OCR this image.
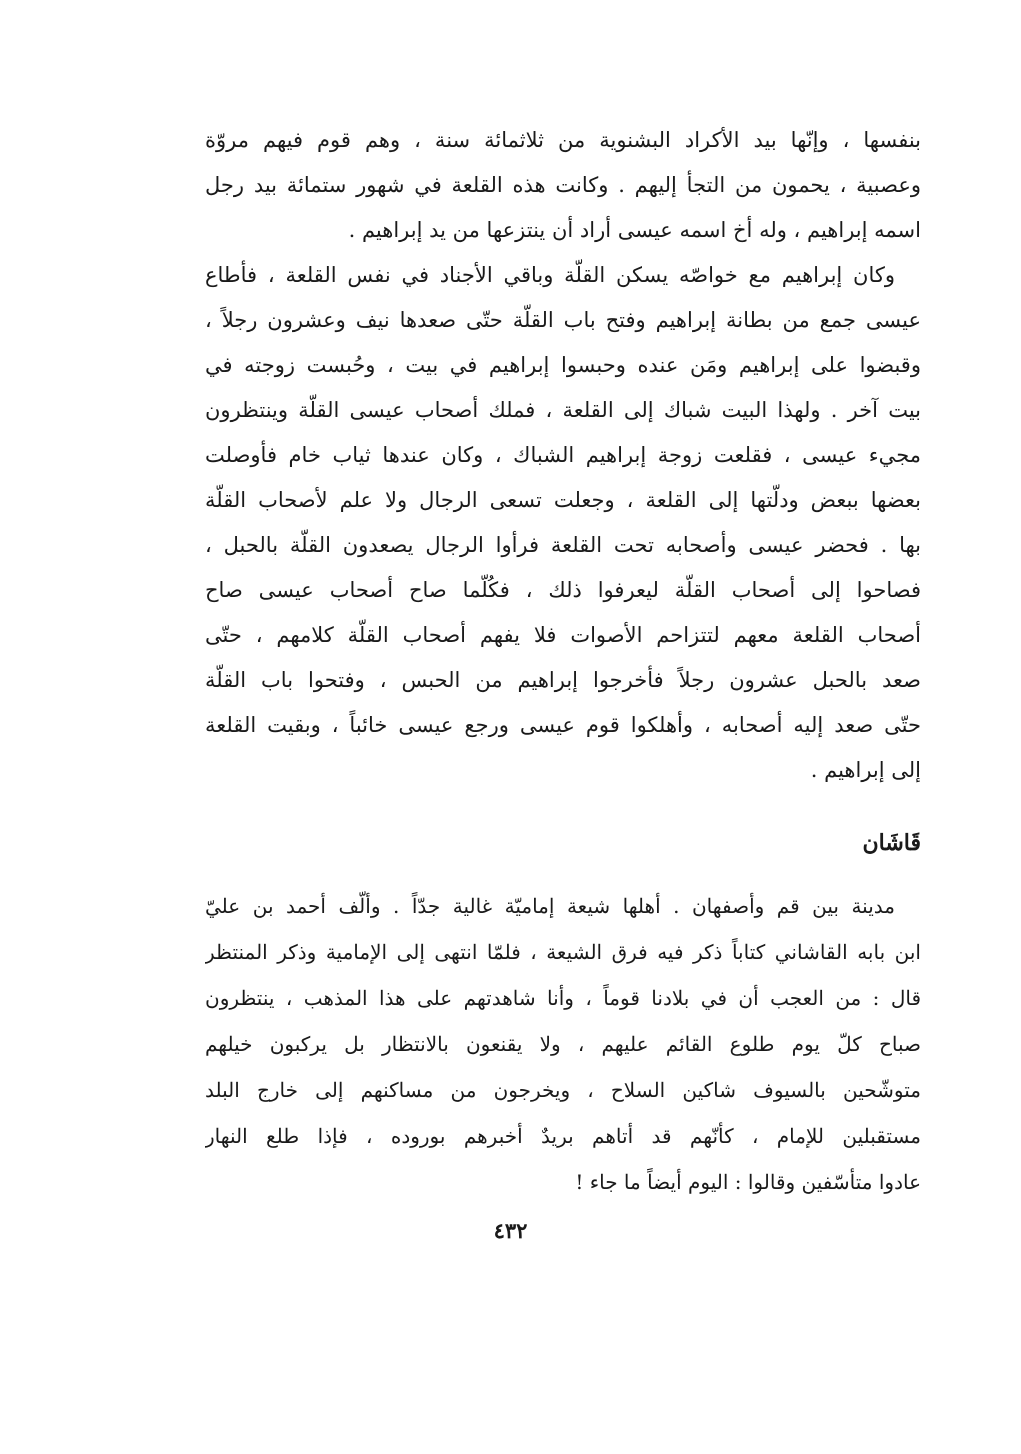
بنفسها ، وإنّها بيد الأكراد البشنوية من ثلاثمائة سنة ، وهم قوم فيهم مروّة
وعصبية ، يحمون من التجأ إليهم . وكانت هذه القلعة في شهور ستمائة بيد رجل
اسمه إبراهيم ، وله أخ اسمه عيسى أراد أن ينتزعها من يد إبراهيم .
وكان إبراهيم مع خواصّه يسكن القلّة وباقي الأجناد في نفس القلعة ، فأطاع
عيسى جمع من بطانة إبراهيم وفتح باب القلّة حتّى صعدها نيف وعشرون رجلاً ،
وقبضوا على إبراهيم ومَن عنده وحبسوا إبراهيم في بيت ، وحُبست زوجته في
بيت آخر . ولهذا البيت شباك إلى القلعة ، فملك أصحاب عيسى القلّة وينتظرون
مجيء عيسى ، فقلعت زوجة إبراهيم الشباك ، وكان عندها ثياب خام فأوصلت
بعضها ببعض ودلّتها إلى القلعة ، وجعلت تسعى الرجال ولا علم لأصحاب القلّة
بها . فحضر عيسى وأصحابه تحت القلعة فرأوا الرجال يصعدون القلّة بالحبل ،
فصاحوا إلى أصحاب القلّة ليعرفوا ذلك ، فكُلّما صاح أصحاب عيسى صاح
أصحاب القلعة معهم لتتزاحم الأصوات فلا يفهم أصحاب القلّة كلامهم ، حتّى
صعد بالحبل عشرون رجلاً فأخرجوا إبراهيم من الحبس ، وفتحوا باب القلّة
حتّى صعد إليه أصحابه ، وأهلكوا قوم عيسى ورجع عيسى خائباً ، وبقيت القلعة
إلى إبراهيم .
قَاشَان
مدينة بين قم وأصفهان . أهلها شيعة إماميّة غالية جدّاً . وألّف أحمد بن عليّ
ابن بابه القاشاني كتاباً ذكر فيه فرق الشيعة ، فلمّا انتهى إلى الإمامية وذكر المنتظر
قال : من العجب أن في بلادنا قوماً ، وأنا شاهدتهم على هذا المذهب ، ينتظرون
صباح كلّ يوم طلوع القائم عليهم ، ولا يقنعون بالانتظار بل يركبون خيلهم
متوشّحين بالسيوف شاكين السلاح ، ويخرجون من مساكنهم إلى خارج البلد
مستقبلين للإمام ، كأنّهم قد أتاهم بريدٌ أخبرهم بوروده ، فإذا طلع النهار
عادوا متأسّفين وقالوا : اليوم أيضاً ما جاء !
٤٣٢
